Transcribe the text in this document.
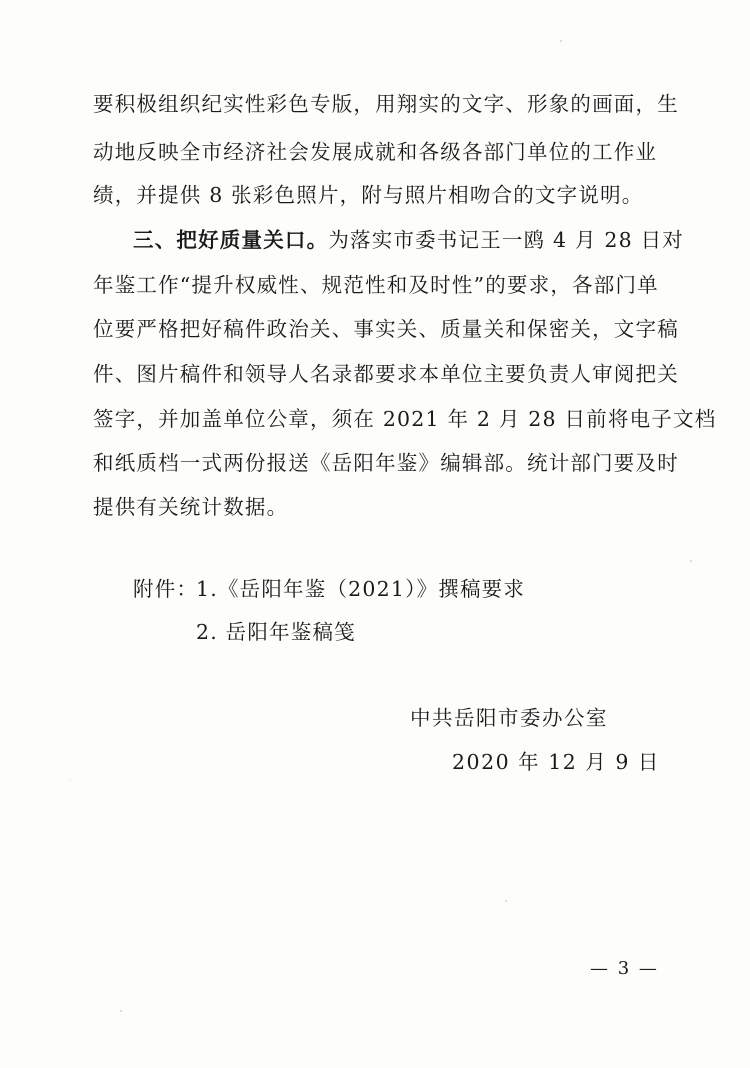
要积极组织纪实性彩色专版，用翔实的文字、形象的画面，生
动地反映全市经济社会发展成就和各级各部门单位的工作业
绩，并提供 8 张彩色照片，附与照片相吻合的文字说明。
三、把好质量关口。为落实市委书记王一鸥 4 月 28 日对
年鉴工作“提升权威性、规范性和及时性”的要求，各部门单
位要严格把好稿件政治关、事实关、质量关和保密关，文字稿
件、图片稿件和领导人名录都要求本单位主要负责人审阅把关
签字，并加盖单位公章，须在 2021 年 2 月 28 日前将电子文档
和纸质档一式两份报送《岳阳年鉴》编辑部。统计部门要及时
提供有关统计数据。
附件：
1.《岳阳年鉴（2021）》撰稿要求
2. 岳阳年鉴稿笺
中共岳阳市委办公室
2020 年 12 月 9 日
— 3 —
